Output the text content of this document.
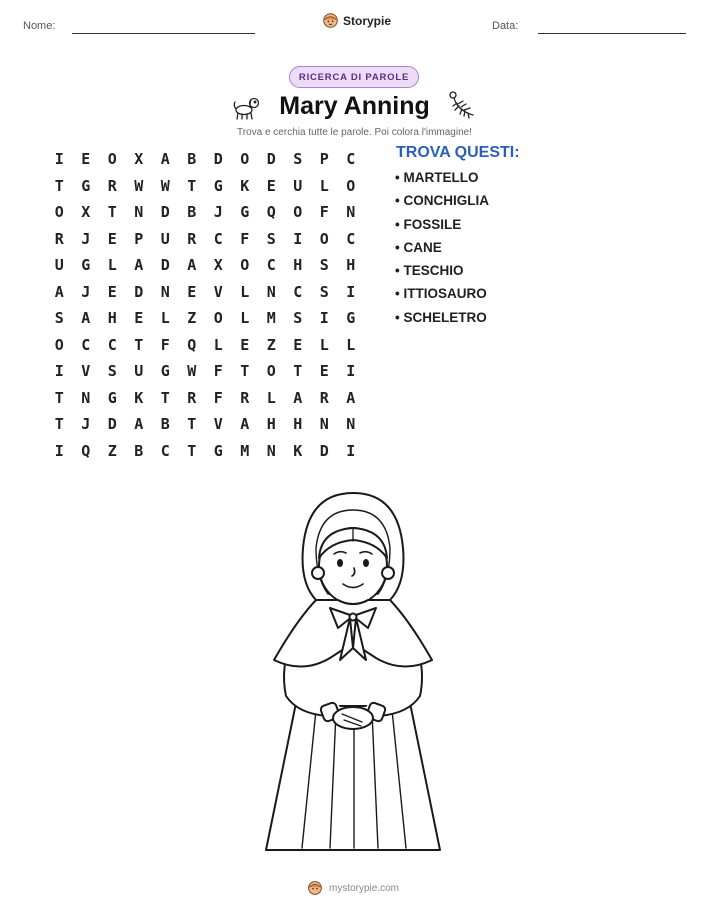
Nome:	Storypie	Data:
RICERCA DI PAROLE
Mary Anning
Trova e cerchia tutte le parole. Poi colora l'immagine!
I	E	O	X	A	B	D	O	D	S	P	C
T	G	R	W	W	T	G	K	E	U	L	O
O	X	T	N	D	B	J	G	Q	O	F	N
R	J	E	P	U	R	C	F	S	I	O	C
U	G	L	A	D	A	X	O	C	H	S	H
A	J	E	D	N	E	V	L	N	C	S	I
S	A	H	E	L	Z	O	L	M	S	I	G
O	C	C	T	F	Q	L	E	Z	E	L	L
I	V	S	U	G	W	F	T	O	T	E	I
T	N	G	K	T	R	F	R	L	A	R	A
T	J	D	A	B	T	V	A	H	H	N	N
I	Q	Z	B	C	T	G	M	N	K	D	I
TROVA QUESTI:
• MARTELLO
• CONCHIGLIA
• FOSSILE
• CANE
• TESCHIO
• ITTIOSAURO
• SCHELETRO
mystorypie.com
